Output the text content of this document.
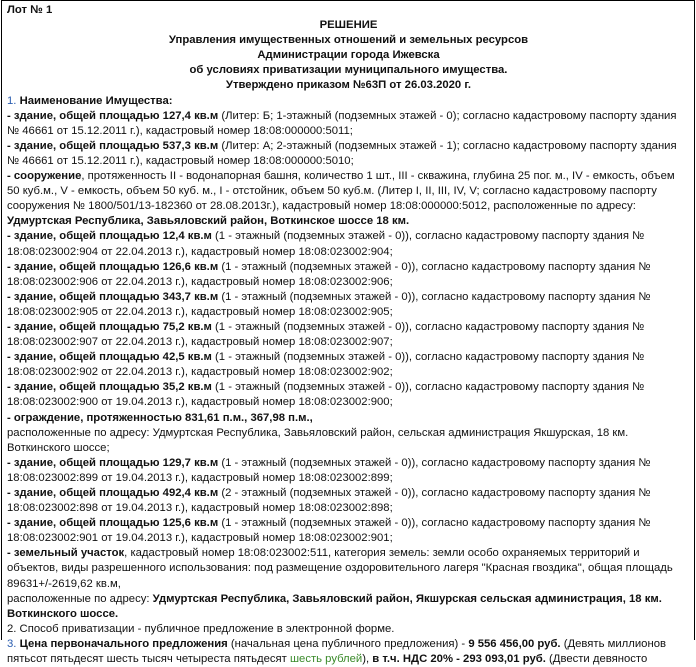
Лот № 1
РЕШЕНИЕ
Управления имущественных отношений и земельных ресурсов
Администрации города Ижевска
об условиях приватизации муниципального имущества.
Утверждено приказом №63П от 26.03.2020 г.
1. Наименование Имущества:
- здание, общей площадью 127,4 кв.м (Литер: Б; 1-этажный (подземных этажей - 0); согласно кадастровому паспорту здания № 46661 от 15.12.2011 г.), кадастровый номер 18:08:000000:5011;
- здание, общей площадью 537,3 кв.м (Литер: А; 2-этажный (подземных этажей - 1); согласно кадастровому паспорту здания № 46661 от 15.12.2011 г.), кадастровый номер 18:08:000000:5010;
- сооружение, протяженность II - водонапорная башня, количество 1 шт., III - скважина, глубина 25 пог. м., IV - емкость, объем 50 куб.м., V - емкость, объем 50 куб. м., I - отстойник, объем 50 куб.м. (Литер I, II, III, IV, V; согласно кадастровому паспорту сооружения № 1800/501/13-182360 от 28.08.2013г.), кадастровый номер 18:08:000000:5012, расположенные по адресу: Удмуртская Республика, Завьяловский район, Воткинское шоссе 18 км.
- здание, общей площадью 12,4 кв.м (1 - этажный (подземных этажей - 0)), согласно кадастровому паспорту здания № 18:08:023002:904 от 22.04.2013 г.), кадастровый номер 18:08:023002:904;
- здание, общей площадью 126,6 кв.м (1 - этажный (подземных этажей - 0)), согласно кадастровому паспорту здания № 18:08:023002:906 от 22.04.2013 г.), кадастровый номер 18:08:023002:906;
- здание, общей площадью 343,7 кв.м (1 - этажный (подземных этажей - 0)), согласно кадастровому паспорту здания № 18:08:023002:905 от 22.04.2013 г.), кадастровый номер 18:08:023002:905;
- здание, общей площадью 75,2 кв.м (1 - этажный (подземных этажей - 0)), согласно кадастровому паспорту здания № 18:08:023002:907 от 22.04.2013 г.), кадастровый номер 18:08:023002:907;
- здание, общей площадью 42,5 кв.м (1 - этажный (подземных этажей - 0)), согласно кадастровому паспорту здания № 18:08:023002:902 от 22.04.2013 г.), кадастровый номер 18:08:023002:902;
- здание, общей площадью 35,2 кв.м (1 - этажный (подземных этажей - 0)), согласно кадастровому паспорту здания № 18:08:023002:900 от 19.04.2013 г.), кадастровый номер 18:08:023002:900;
- ограждение, протяженностью 831,61 п.м., 367,98 п.м.,
расположенные по адресу: Удмуртская Республика, Завьяловский район, сельская администрация Якшурская, 18 км. Воткинского шоссе;
- здание, общей площадью 129,7 кв.м (1 - этажный (подземных этажей - 0)), согласно кадастровому паспорту здания № 18:08:023002:899 от 19.04.2013 г.), кадастровый номер 18:08:023002:899;
- здание, общей площадью 492,4 кв.м (2 - этажный (подземных этажей - 0)), согласно кадастровому паспорту здания № 18:08:023002:898 от 19.04.2013 г.), кадастровый номер 18:08:023002:898;
- здание, общей площадью 125,6 кв.м (1 - этажный (подземных этажей - 0)), согласно кадастровому паспорту здания № 18:08:023002:901 от 19.04.2013 г.), кадастровый номер 18:08:023002:901;
- земельный участок, кадастровый номер 18:08:023002:511, категория земель: земли особо охраняемых территорий и объектов, виды разрешенного использования: под размещение оздоровительного лагеря "Красная гвоздика", общая площадь 89631+/-2619,62 кв.м,
расположенные по адресу: Удмуртская Республика, Завьяловский район, Якшурская сельская администрация, 18 км. Воткинского шоссе.
2. Способ приватизации - публичное предложение в электронной форме.
3. Цена первоначального предложения (начальная цена публичного предложения) - 9 556 456,00 руб. (Девять миллионов пятьсот пятьдесят шесть тысяч четыреста пятьдесят шесть рублей), в т.ч. НДС 20% - 293 093,01 руб. (Двести девяносто
